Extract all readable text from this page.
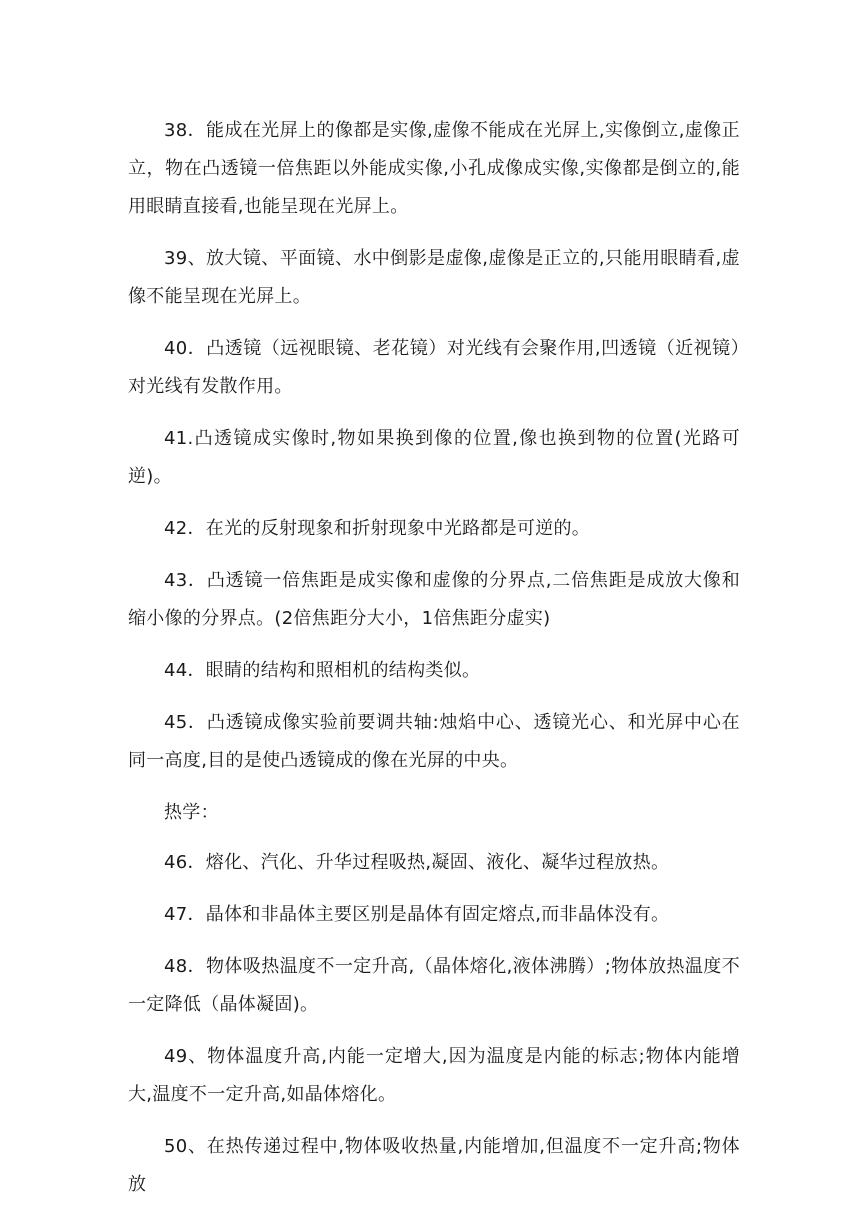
38．能成在光屏上的像都是实像,虚像不能成在光屏上,实像倒立,虚像正立，物在凸透镜一倍焦距以外能成实像,小孔成像成实像,实像都是倒立的,能用眼睛直接看,也能呈现在光屏上。

39、放大镜、平面镜、水中倒影是虚像,虚像是正立的,只能用眼睛看,虚像不能呈现在光屏上。

40．凸透镜（远视眼镜、老花镜）对光线有会聚作用,凹透镜（近视镜）对光线有发散作用。

41.凸透镜成实像时,物如果换到像的位置,像也换到物的位置(光路可逆)。

42．在光的反射现象和折射现象中光路都是可逆的。

43．凸透镜一倍焦距是成实像和虚像的分界点,二倍焦距是成放大像和缩小像的分界点。(2倍焦距分大小，1倍焦距分虚实)

44．眼睛的结构和照相机的结构类似。

45．凸透镜成像实验前要调共轴:烛焰中心、透镜光心、和光屏中心在同一高度,目的是使凸透镜成的像在光屏的中央。

热学：

46．熔化、汽化、升华过程吸热,凝固、液化、凝华过程放热。

47．晶体和非晶体主要区别是晶体有固定熔点,而非晶体没有。

48．物体吸热温度不一定升高,（晶体熔化,液体沸腾）;物体放热温度不一定降低（晶体凝固)。

49、物体温度升高,内能一定增大,因为温度是内能的标志;物体内能增大,温度不一定升高,如晶体熔化。

50、在热传递过程中,物体吸收热量,内能增加,但温度不一定升高;物体放
